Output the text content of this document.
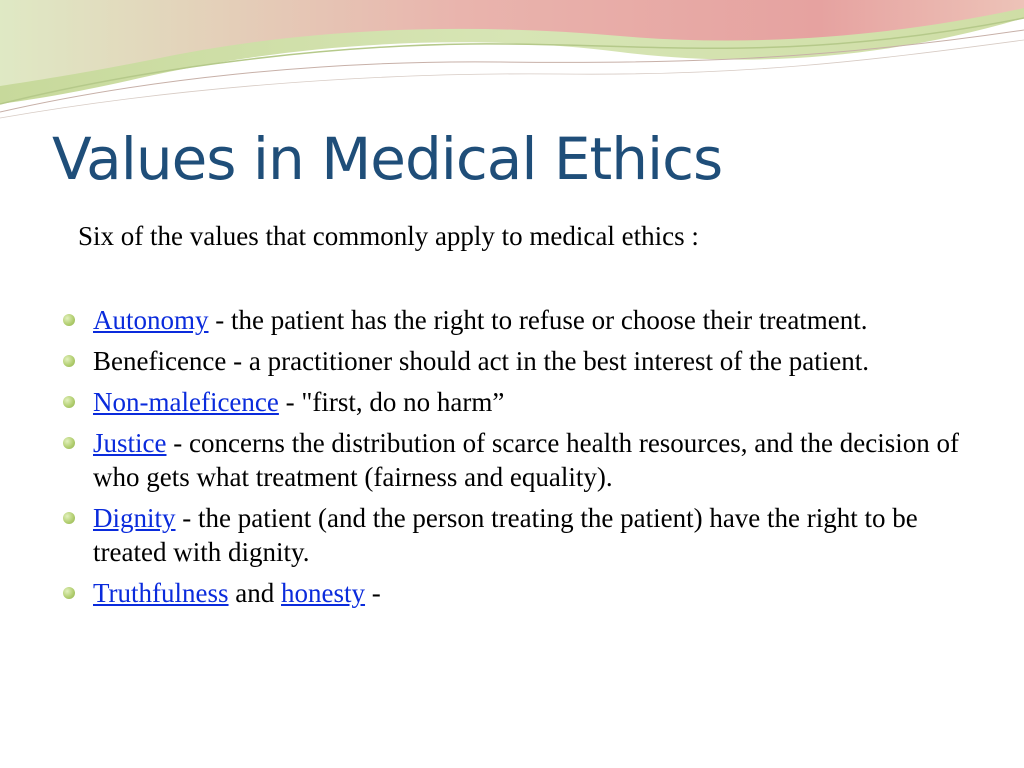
Values in Medical Ethics
Six of the values that commonly apply to medical ethics :
Autonomy - the patient has the right to refuse or choose their treatment.
Beneficence - a practitioner should act in the best interest of the patient.
Non-maleficence - "first, do no harm”
Justice - concerns the distribution of scarce health resources, and the decision of who gets what treatment (fairness and equality).
Dignity - the patient (and the person treating the patient) have the right to be treated with dignity.
Truthfulness and honesty -
